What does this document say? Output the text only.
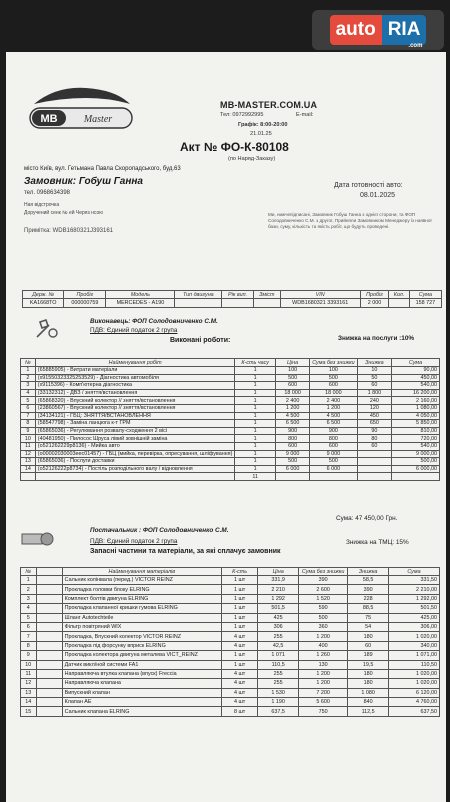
auto RIA
.com
MB	Master
MB-MASTER.COM.UA
Тел: 0972992995	E-mail:
Графік: 8:00-20:00
21.01.25
Акт № ФО-К-80108
(по Наряд-Заказу)
місто Київ, вул. Гетьмана Павла Скоропадського, буд.63
Замовник: Гобуш Ганна
тел. 0968634398
Дата готовності авто:
08.01.2025
Ная відстрочка
Доручений сенк № ей Черяз нсою	Ми, нижчепідписані, Замовник Гобуш Ганна з однієї сторони, та ФОП Солодовниченко С.М. з другої, Прийняли Замовником Менеджеру із наявної бази, суму, кількість та якість робіт, що будуть проведені.
Примітка: WDB1680321J393161
Держ. №	Пробіг	Модель	Тип двигуна	Рік вип.	Зміст	VIN	Пробіг	Кол.	Сума
KA1668TO	000000759	MERCEDES - A190				WDB1680321 3393161	2 000		158 727
Виконавець: ФОП Солодовниченко С.М.
ПДВ: Єдиний податок 2 група
Виконані роботи:	Знижка на послуги :10%
№	Найменування робіт	К-сть часу	Ціна	Сума без знижки	Знижка	Сума
1	(65885905) - Витрати матеріали	1	100	100	10	90,00
2	(x91550323325253529) - Діагностика автомобіля	1	500	500	50	450,00
3	(x9115396) - Комп'ютерна діагностика	1	600	600	60	540,00
4	(33132312) - ДВЗ / зняття/встановлення	1	18 000	18 000	1 800	16 200,00
5	(65868320) - Впускний колектор // зняття/встановлення	1	2 400	2 400	240	2 160,00
6	(23860567) - Впускний колектор // зняття/встановлення	1	1 200	1 200	120	1 080,00
7	(34134121) - ГБЦ: ЗНЯТТЯ/ВСТАНОВЛЕННЯ	1	4 500	4 500	450	4 050,00
8	(58547798) - Заміна ланцюга к-т ГРМ	1	6 500	6 500	650	5 850,00
9	(65865036) - Регулювання розвалу-сходження 2 вісі	1	900	900	90	810,00
10	(40481950) - Пилосос Шруса лівий зовнішній заміна	1	800	800	80	720,00
11	(o521262229p8136) - Мийка авто	1	600	600	60	540,00
12	(o00002030003eec01457) - ГБЦ (мийка, перевірка, опресування, шліфування)	1	9 000	9 000		9 000,00
13	(65865036) - Послуги доставки	1	500	500		500,00
14	(o52126222p8734) - Постіль розподільного валу / відновлення	1	6 000	6 000		6 000,00
		11				
Сума: 47 450,00 Грн.
Постачальник : ФОП Солодовниченко С.М.
ПДВ: Єдиний податок 2 група
Запасні частини та матеріали, за які сплачує замовник
Знижка на ТМЦ: 15%
№		Найменування матеріалів	К-сть	Ціна	Сума без знижки	Знижка	Сума
1		Сальник колінвала (перед.) VICTOR REINZ	1 шт	331,9	390	58,5	331,50
2		Прокладка головки блоку ELRING	1 шт	2 210	2 600	390	2 210,00
3		Комплект болтів двигуна ELRING	1 шт	1 292	1 520	228	1 292,00
4		Прокладка клапанної кришки гумова ELRING	1 шт	501,5	590	88,5	501,50
5		Шланг Autotechteile	1 шт	425	500	75	425,00
6		Фільтр повітряний WIX	1 шт	306	360	54	306,00
7		Прокладка, Впускний колектор VICTOR REINZ	4 шт	255	1 200	180	1 020,00
8		Прокладка під форсунку вприск ELRING	4 шт	42,5	400	60	340,00
9		Прокладка колектора двигуна металева VICT_REINZ	1 шт	1 071	1 260	189	1 071,00
10		Датчик викл/ной системи FA1	1 шт	110,5	130	19,5	110,50
11		Направляюча втулка клапана (впуск) Freccia	4 шт	255	1 200	180	1 020,00
12		Направляюча клапана	4 шт	255	1 200	180	1 020,00
13		Випускний клапан	4 шт	1 530	7 200	1 080	6 120,00
14		Клапан АЕ	4 шт	1 190	5 600	840	4 760,00
15		Сальник клапана ELRING	8 шт	637,5	750	112,5	637,50
